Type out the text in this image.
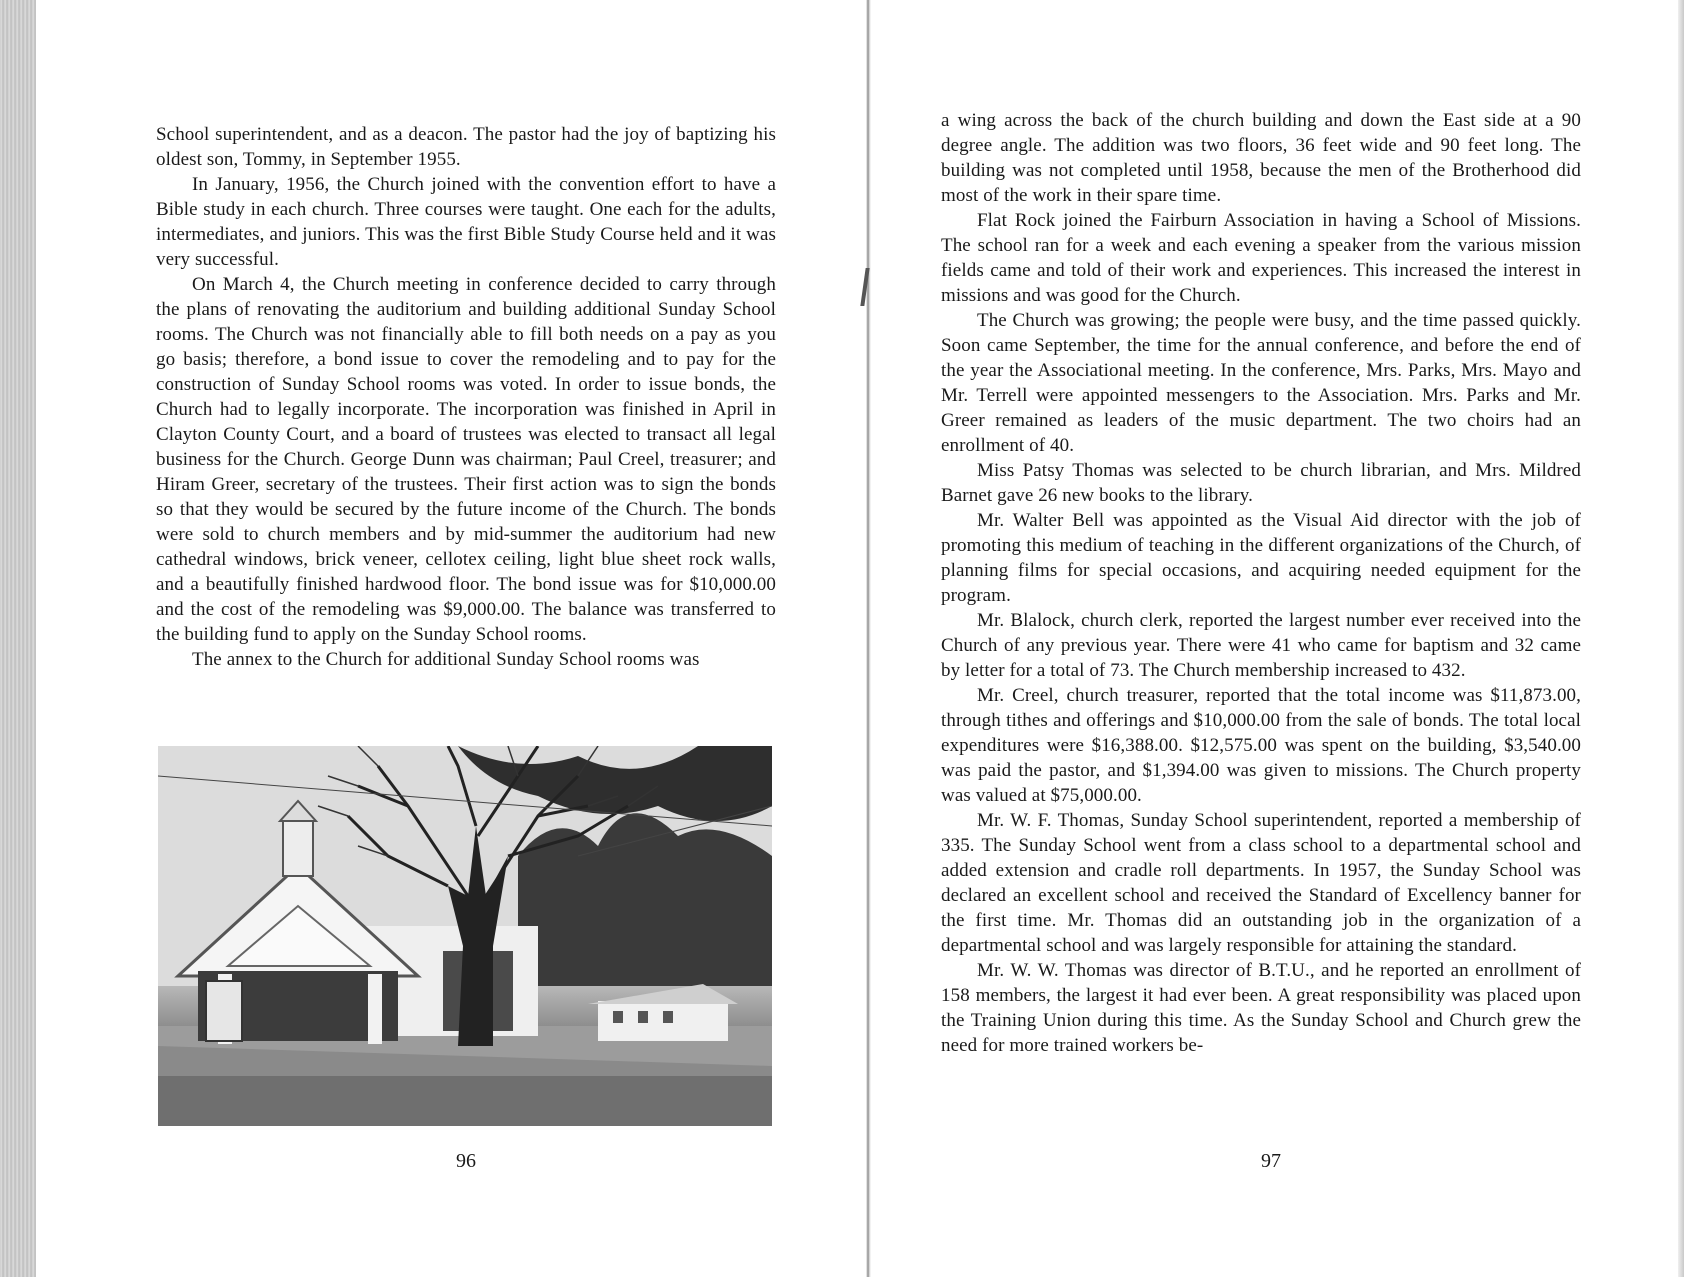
School superintendent, and as a deacon. The pastor had the joy of baptizing his oldest son, Tommy, in September 1955.

In January, 1956, the Church joined with the convention effort to have a Bible study in each church. Three courses were taught. One each for the adults, intermediates, and juniors. This was the first Bible Study Course held and it was very successful.

On March 4, the Church meeting in conference decided to carry through the plans of renovating the auditorium and building additional Sunday School rooms. The Church was not financially able to fill both needs on a pay as you go basis; therefore, a bond issue to cover the remodeling and to pay for the construction of Sunday School rooms was voted. In order to issue bonds, the Church had to legally incorporate. The incorporation was finished in April in Clayton County Court, and a board of trustees was elected to transact all legal business for the Church. George Dunn was chairman; Paul Creel, treasurer; and Hiram Greer, secretary of the trustees. Their first action was to sign the bonds so that they would be secured by the future income of the Church. The bonds were sold to church members and by mid-summer the auditorium had new cathedral windows, brick veneer, cellotex ceiling, light blue sheet rock walls, and a beautifully finished hardwood floor. The bond issue was for $10,000.00 and the cost of the remodeling was $9,000.00. The balance was transferred to the building fund to apply on the Sunday School rooms.

The annex to the Church for additional Sunday School rooms was

96

a wing across the back of the church building and down the East side at a 90 degree angle. The addition was two floors, 36 feet wide and 90 feet long. The building was not completed until 1958, because the men of the Brotherhood did most of the work in their spare time.

Flat Rock joined the Fairburn Association in having a School of Missions. The school ran for a week and each evening a speaker from the various mission fields came and told of their work and experiences. This increased the interest in missions and was good for the Church.

The Church was growing; the people were busy, and the time passed quickly. Soon came September, the time for the annual conference, and before the end of the year the Associational meeting. In the conference, Mrs. Parks, Mrs. Mayo and Mr. Terrell were appointed messengers to the Association. Mrs. Parks and Mr. Greer remained as leaders of the music department. The two choirs had an enrollment of 40.

Miss Patsy Thomas was selected to be church librarian, and Mrs. Mildred Barnet gave 26 new books to the library.

Mr. Walter Bell was appointed as the Visual Aid director with the job of promoting this medium of teaching in the different organizations of the Church, of planning films for special occasions, and acquiring needed equipment for the program.

Mr. Blalock, church clerk, reported the largest number ever received into the Church of any previous year. There were 41 who came for baptism and 32 came by letter for a total of 73. The Church membership increased to 432.

Mr. Creel, church treasurer, reported that the total income was $11,873.00, through tithes and offerings and $10,000.00 from the sale of bonds. The total local expenditures were $16,388.00. $12,575.00 was spent on the building, $3,540.00 was paid the pastor, and $1,394.00 was given to missions. The Church property was valued at $75,000.00.

Mr. W. F. Thomas, Sunday School superintendent, reported a membership of 335. The Sunday School went from a class school to a departmental school and added extension and cradle roll departments. In 1957, the Sunday School was declared an excellent school and received the Standard of Excellency banner for the first time. Mr. Thomas did an outstanding job in the organization of a departmental school and was largely responsible for attaining the standard.

Mr. W. W. Thomas was director of B.T.U., and he reported an enrollment of 158 members, the largest it had ever been. A great responsibility was placed upon the Training Union during this time. As the Sunday School and Church grew the need for more trained workers be-

97
